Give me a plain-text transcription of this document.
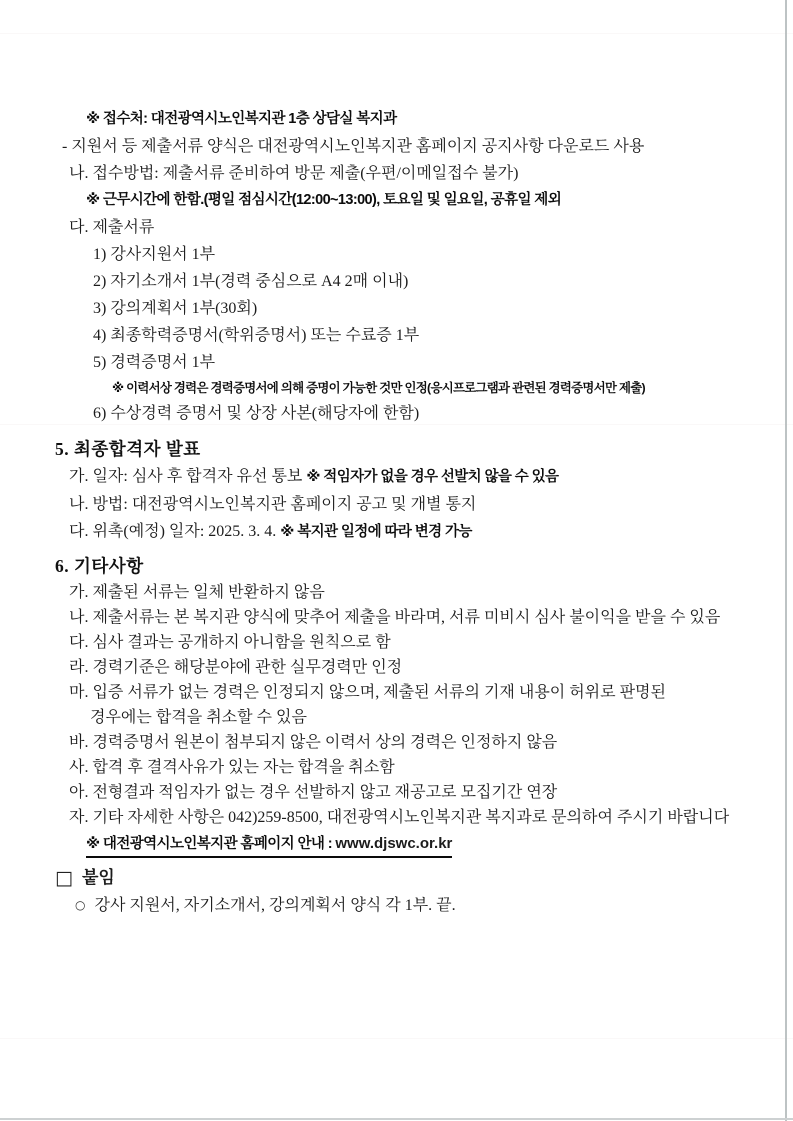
※ 접수처: 대전광역시노인복지관 1층 상담실 복지과
- 지원서 등 제출서류 양식은 대전광역시노인복지관 홈페이지 공지사항 다운로드 사용
나. 접수방법: 제출서류 준비하여 방문 제출(우편/이메일접수 불가)
※ 근무시간에 한함.(평일 점심시간(12:00~13:00), 토요일 및 일요일, 공휴일 제외
다. 제출서류
1) 강사지원서 1부
2) 자기소개서 1부(경력 중심으로 A4 2매 이내)
3) 강의계획서 1부(30회)
4) 최종학력증명서(학위증명서) 또는 수료증 1부
5) 경력증명서 1부
※ 이력서상 경력은 경력증명서에 의해 증명이 가능한 것만 인정(응시프로그램과 관련된 경력증명서만 제출)
6) 수상경력 증명서 및 상장 사본(해당자에 한함)
5. 최종합격자 발표
가. 일자: 심사 후 합격자 유선 통보 ※ 적임자가 없을 경우 선발치 않을 수 있음
나. 방법: 대전광역시노인복지관 홈페이지 공고 및 개별 통지
다. 위촉(예정) 일자: 2025. 3. 4. ※ 복지관 일정에 따라 변경 가능
6. 기타사항
가. 제출된 서류는 일체 반환하지 않음
나. 제출서류는 본 복지관 양식에 맞추어 제출을 바라며, 서류 미비시 심사 불이익을 받을 수 있음
다. 심사 결과는 공개하지 아니함을 원칙으로 함
라. 경력기준은 해당분야에 관한 실무경력만 인정
마. 입증 서류가 없는 경력은 인정되지 않으며, 제출된 서류의 기재 내용이 허위로 판명된
경우에는 합격을 취소할 수 있음
바. 경력증명서 원본이 첨부되지 않은 이력서 상의 경력은 인정하지 않음
사. 합격 후 결격사유가 있는 자는 합격을 취소함
아. 전형결과 적임자가 없는 경우 선발하지 않고 재공고로 모집기간 연장
자. 기타 자세한 사항은 042)259-8500, 대전광역시노인복지관 복지과로 문의하여 주시기 바랍니다
※ 대전광역시노인복지관 홈페이지 안내 : www.djswc.or.kr
□ 붙임
○ 강사 지원서, 자기소개서, 강의계획서 양식 각 1부. 끝.
